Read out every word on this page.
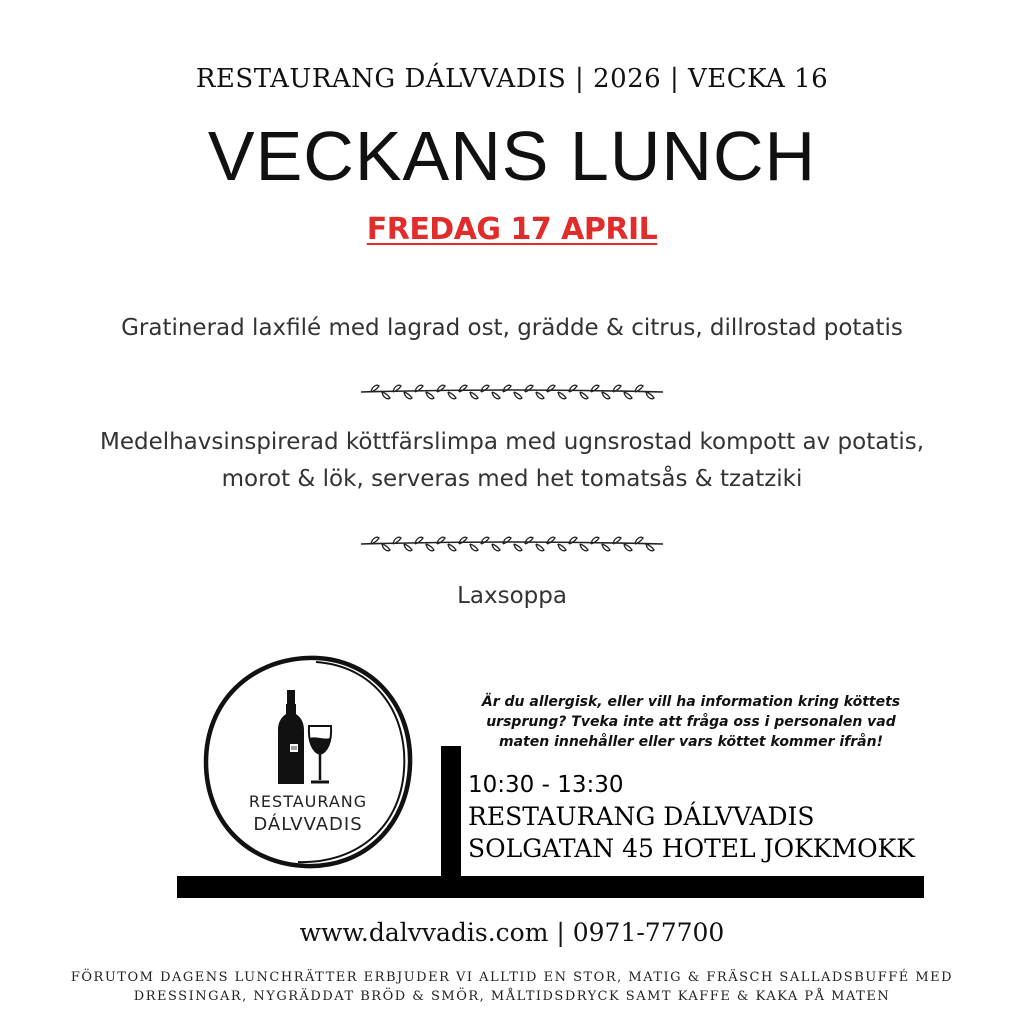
RESTAURANG DÁLVVADIS | 2026 | VECKA 16
VECKANS LUNCH
FREDAG 17 APRIL
Gratinerad laxfilé med lagrad ost, grädde & citrus, dillrostad potatis
Medelhavsinspirerad köttfärslimpa med ugnsrostad kompott av potatis,
morot & lök, serveras med het tomatsås & tzatziki
Laxsoppa
RESTAURANG
DÁLVVADIS
Är du allergisk, eller vill ha information kring köttets
ursprung? Tveka inte att fråga oss i personalen vad
maten innehåller eller vars köttet kommer ifrån!
10:30 - 13:30
RESTAURANG DÁLVVADIS
SOLGATAN 45 HOTEL JOKKMOKK
www.dalvvadis.com | 0971-77700
FÖRUTOM DAGENS LUNCHRÄTTER ERBJUDER VI ALLTID EN STOR, MATIG & FRÄSCH SALLADSBUFFÉ MED
DRESSINGAR, NYGRÄDDAT BRÖD & SMÖR, MÅLTIDSDRYCK SAMT KAFFE & KAKA PÅ MATEN
